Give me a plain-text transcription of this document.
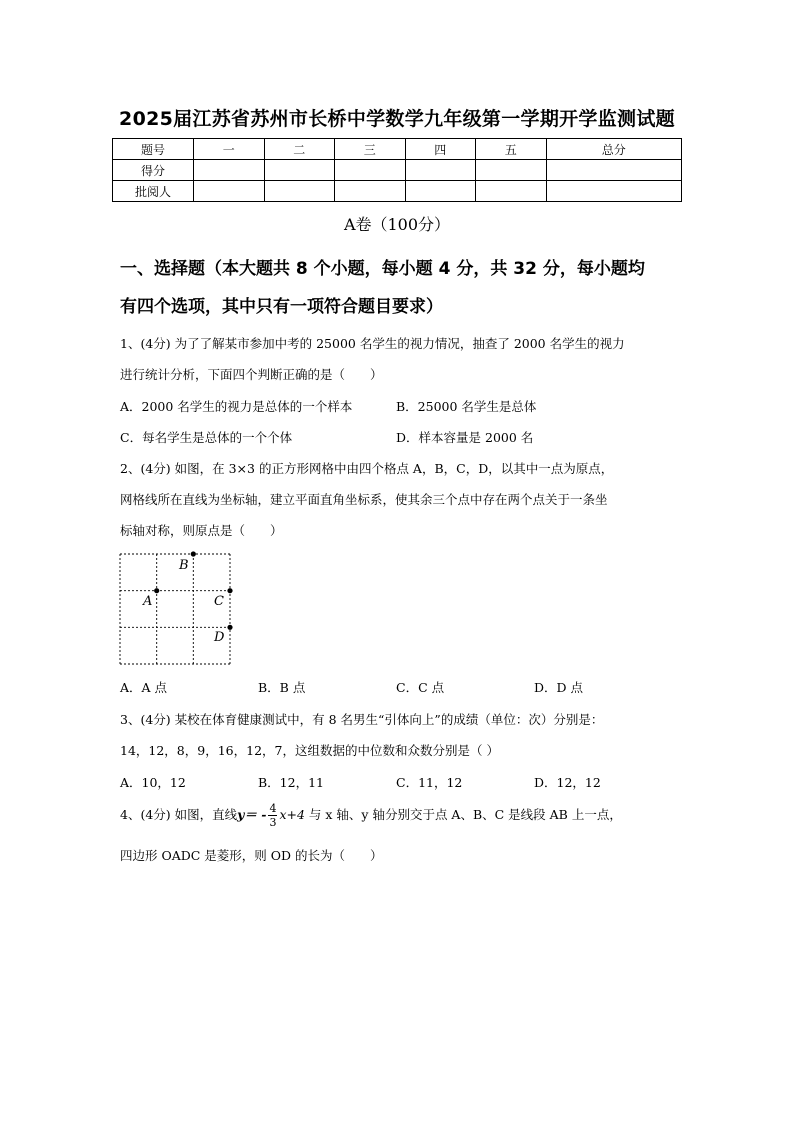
2025届江苏省苏州市长桥中学数学九年级第一学期开学监测试题
题号	一	二	三	四	五	总分
得分						
批阅人						
A卷（100分）
一、选择题（本大题共 8 个小题，每小题 4 分，共 32 分，每小题均
有四个选项，其中只有一项符合题目要求）
1、(4分) 为了了解某市参加中考的 25000 名学生的视力情况，抽查了 2000 名学生的视力
进行统计分析，下面四个判断正确的是（　　）
A．2000 名学生的视力是总体的一个样本	B．25000 名学生是总体
C．每名学生是总体的一个个体	D．样本容量是 2000 名
2、(4分) 如图，在 3×3 的正方形网格中由四个格点 A，B，C，D，以其中一点为原点，
网格线所在直线为坐标轴，建立平面直角坐标系，使其余三个点中存在两个点关于一条坐
标轴对称，则原点是（　　）
B
A	C
D
A．A 点	B．B 点	C．C 点	D．D 点
3、(4分) 某校在体育健康测试中，有 8 名男生“引体向上”的成绩（单位：次）分别是：
14，12，8，9，16，12，7，这组数据的中位数和众数分别是（ ）
A．10，12	B．12，11	C．11，12	D．12，12
4、(4分) 如图，直线$y= - \frac{4}{3} x+4$ 与 x 轴、y 轴分别交于点 A、B、C 是线段 AB 上一点，
四边形 OADC 是菱形，则 OD 的长为（　　）
